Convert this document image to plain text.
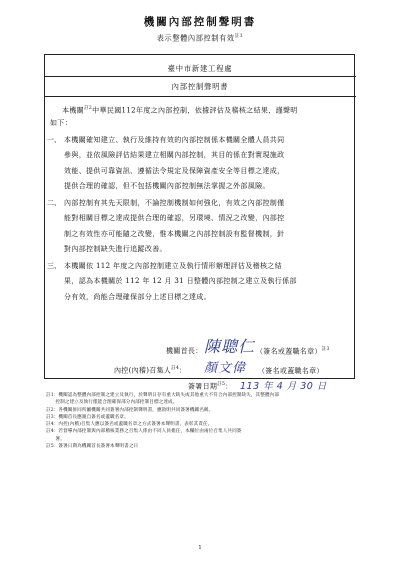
機關內部控制聲明書
表示整體內部控制有效$^{註1}$
臺中市新建工程處
內部控制聲明書
本機關$^{註2}$中華民國112年度之內部控制，依據評估及稽核之結果，謹聲明
如下：
一、 本機關確知建立、執行及維持有效的內部控制係本機關全體人員共同
參與，並依風險評估結果建立相關內部控制，其目的係在對實現施政
效能、提供可靠資訊、遵循法令規定及保障資產安全等目標之達成，
提供合理的確認，但不包括機關內部控制無法掌握之外部風險。
二、 內部控制有其先天限制，不論控制機制如何強化，有效之內部控制僅
能對相關目標之達成提供合理的確認，另環境、情況之改變，內部控
制之有效性亦可能隨之改變，惟本機關之內部控制設有監督機制，針
對內部控制缺失進行追蹤改善。
三、 本機關依 112 年度之內部控制建立及執行情形辦理評估及稽核之結
果，認為本機關於 112 年 12 月 31 日整體內部控制之建立及執行係部
分有效，尚能合理確保部分上述目標之達成。
機關首長： 陳聰仁 （簽名或蓋職名章）$^{註3}$
內控(內稽)召集人$^{註4}$： 顏文偉 （簽名或蓋職名章）
簽署日期$^{註5}$： 113 年 4 月 30 日
註1：機關認為整體內部控制之建立及執行，於聲明日存有重大缺失或其他重大不符合內部控制缺失，其整體內部
　　控制之建立及執行僅能合理確保部分內部控制目標之達成。
註2：各機關併同所屬機關共同簽署內部控制聲明書，應敘明共同簽署機關名稱。
註3：機關首長應親自簽名或蓋職名章。
註4：內控(內稽)召集人應以簽名或蓋職名章之方式簽署本聲明書，表彰其責任。
註4：若督導內部控制與內部稽核業務之召集人係由不同人員擔任，本欄位由兩位召集人共同簽
　　署。
註5：簽署日期為機關首長簽署本聲明書之日
1
